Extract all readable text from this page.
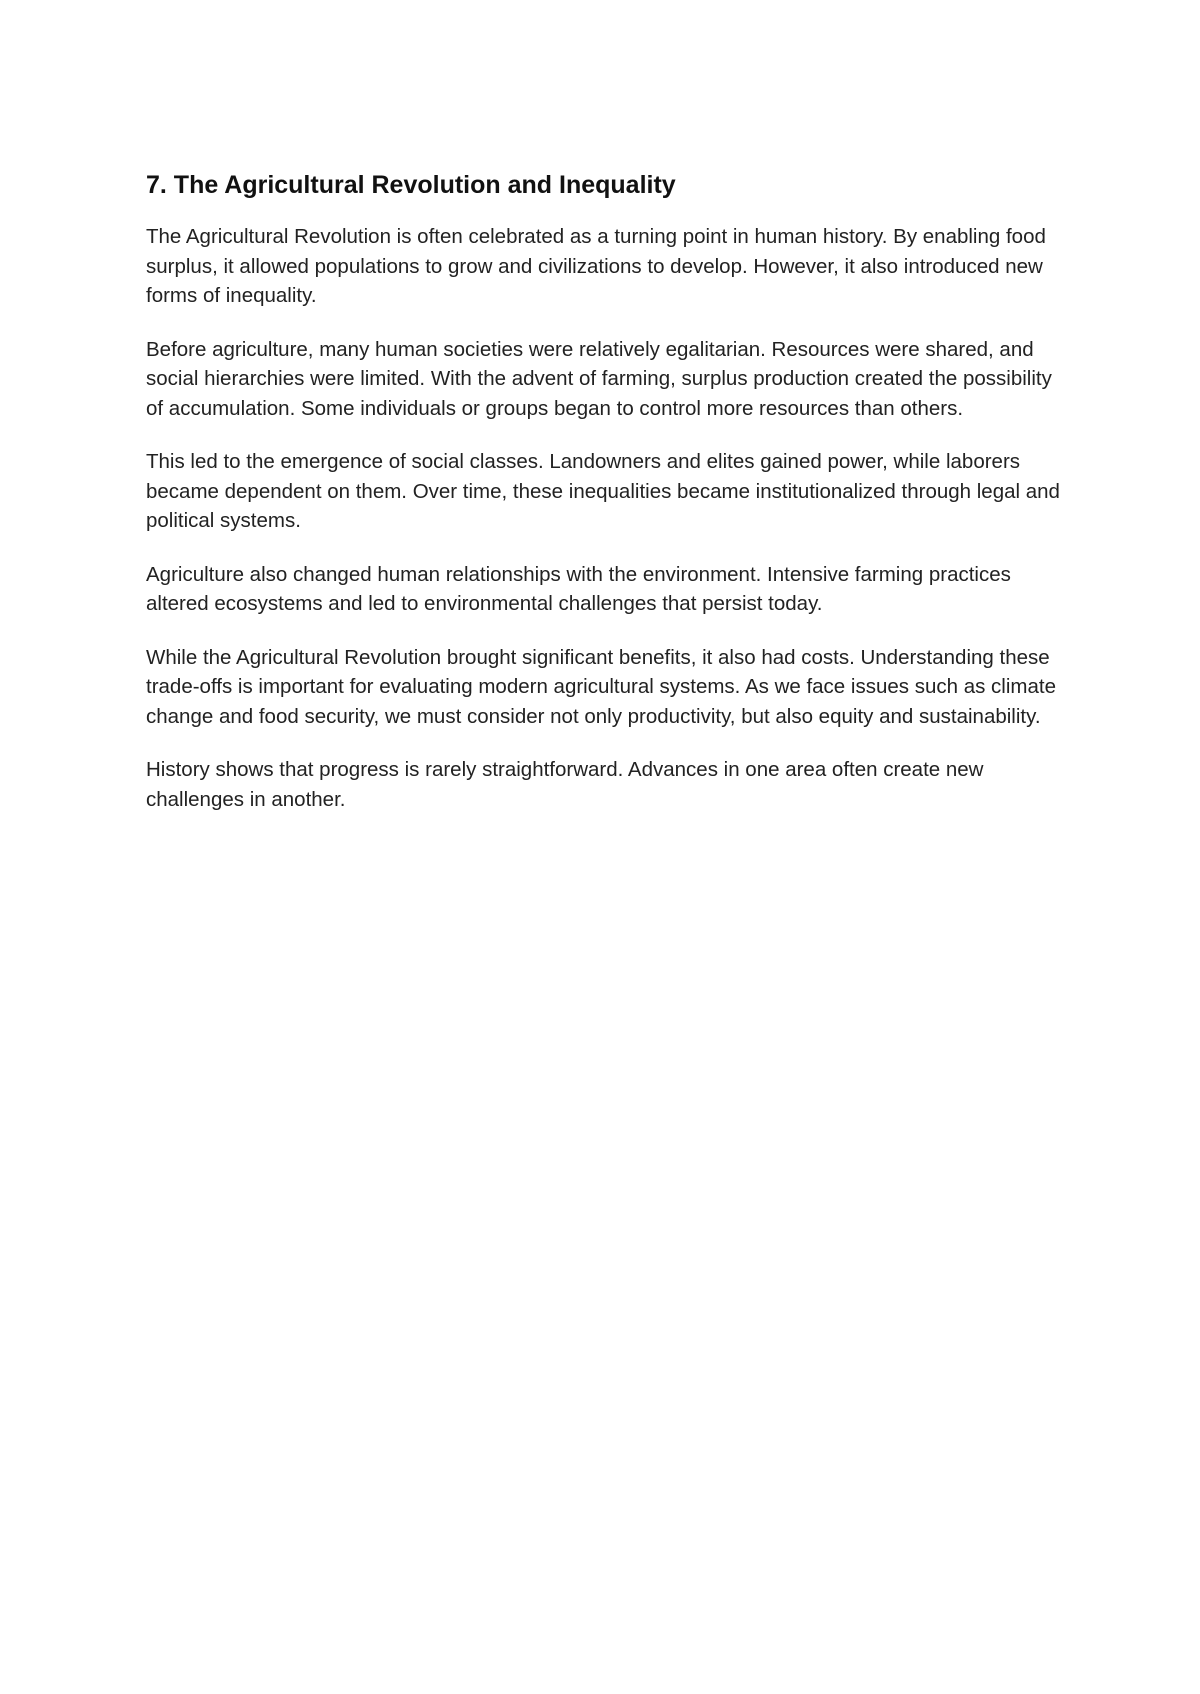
7. The Agricultural Revolution and Inequality

The Agricultural Revolution is often celebrated as a turning point in human history. By enabling food surplus, it allowed populations to grow and civilizations to develop. However, it also introduced new forms of inequality.

Before agriculture, many human societies were relatively egalitarian. Resources were shared, and social hierarchies were limited. With the advent of farming, surplus production created the possibility of accumulation. Some individuals or groups began to control more resources than others.

This led to the emergence of social classes. Landowners and elites gained power, while laborers became dependent on them. Over time, these inequalities became institutionalized through legal and political systems.

Agriculture also changed human relationships with the environment. Intensive farming practices altered ecosystems and led to environmental challenges that persist today.

While the Agricultural Revolution brought significant benefits, it also had costs. Understanding these trade-offs is important for evaluating modern agricultural systems. As we face issues such as climate change and food security, we must consider not only productivity, but also equity and sustainability.

History shows that progress is rarely straightforward. Advances in one area often create new challenges in another.
